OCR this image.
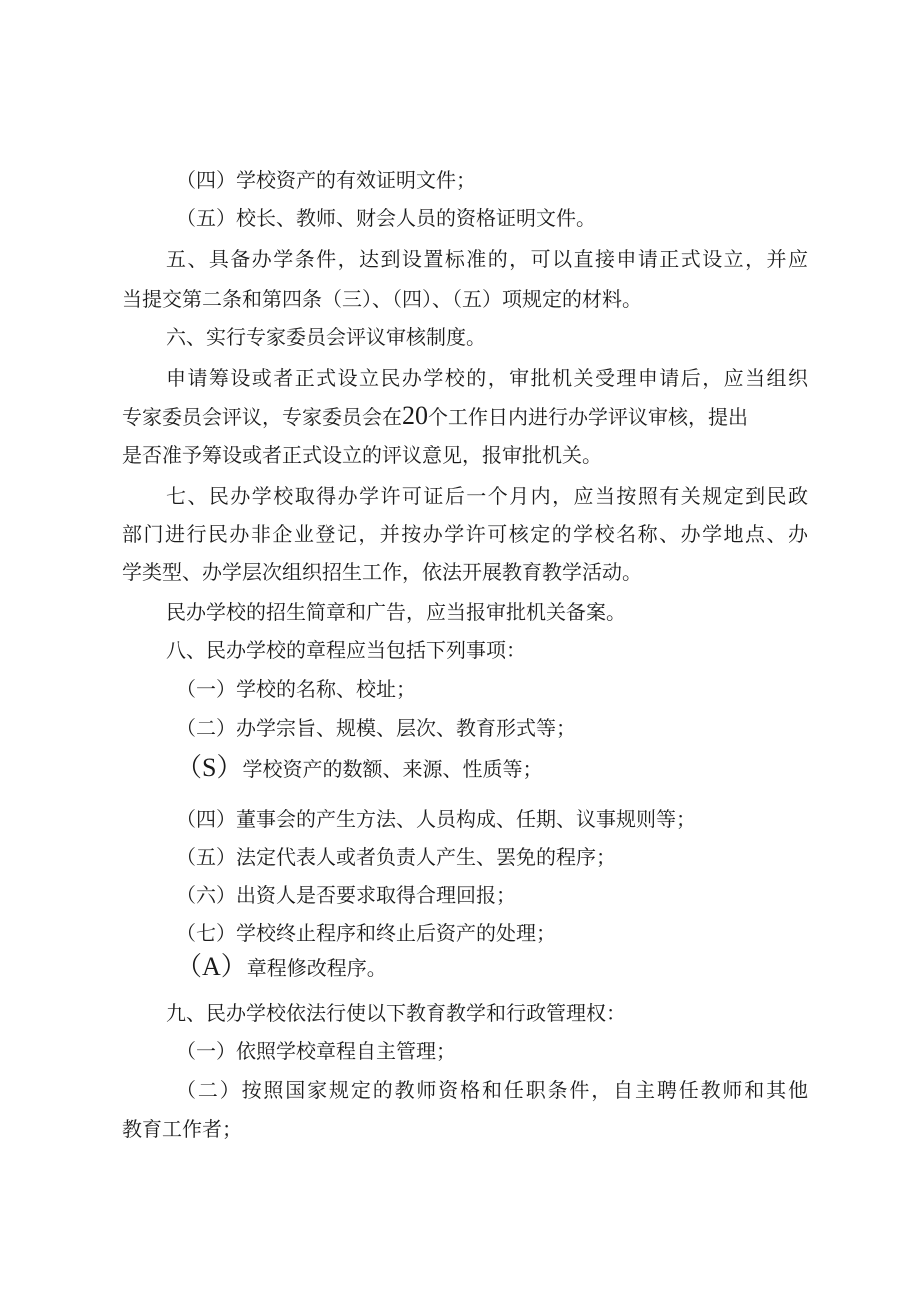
（四）学校资产的有效证明文件；
（五）校长、教师、财会人员的资格证明文件。
五、具备办学条件，达到设置标准的，可以直接申请正式设立，并应
当提交第二条和第四条（三）、（四）、（五）项规定的材料。
六、实行专家委员会评议审核制度。
申请筹设或者正式设立民办学校的，审批机关受理申请后，应当组织
专家委员会评议，专家委员会在20个工作日内进行办学评议审核，提出
是否准予筹设或者正式设立的评议意见，报审批机关。
七、民办学校取得办学许可证后一个月内，应当按照有关规定到民政
部门进行民办非企业登记，并按办学许可核定的学校名称、办学地点、办
学类型、办学层次组织招生工作，依法开展教育教学活动。
民办学校的招生简章和广告，应当报审批机关备案。
八、民办学校的章程应当包括下列事项：
（一）学校的名称、校址；
（二）办学宗旨、规模、层次、教育形式等；
（S）学校资产的数额、来源、性质等；
（四）董事会的产生方法、人员构成、任期、议事规则等；
（五）法定代表人或者负责人产生、罢免的程序；
（六）出资人是否要求取得合理回报；
（七）学校终止程序和终止后资产的处理；
（A）章程修改程序。
九、民办学校依法行使以下教育教学和行政管理权：
（一）依照学校章程自主管理；
（二）按照国家规定的教师资格和任职条件，自主聘任教师和其他
教育工作者；
